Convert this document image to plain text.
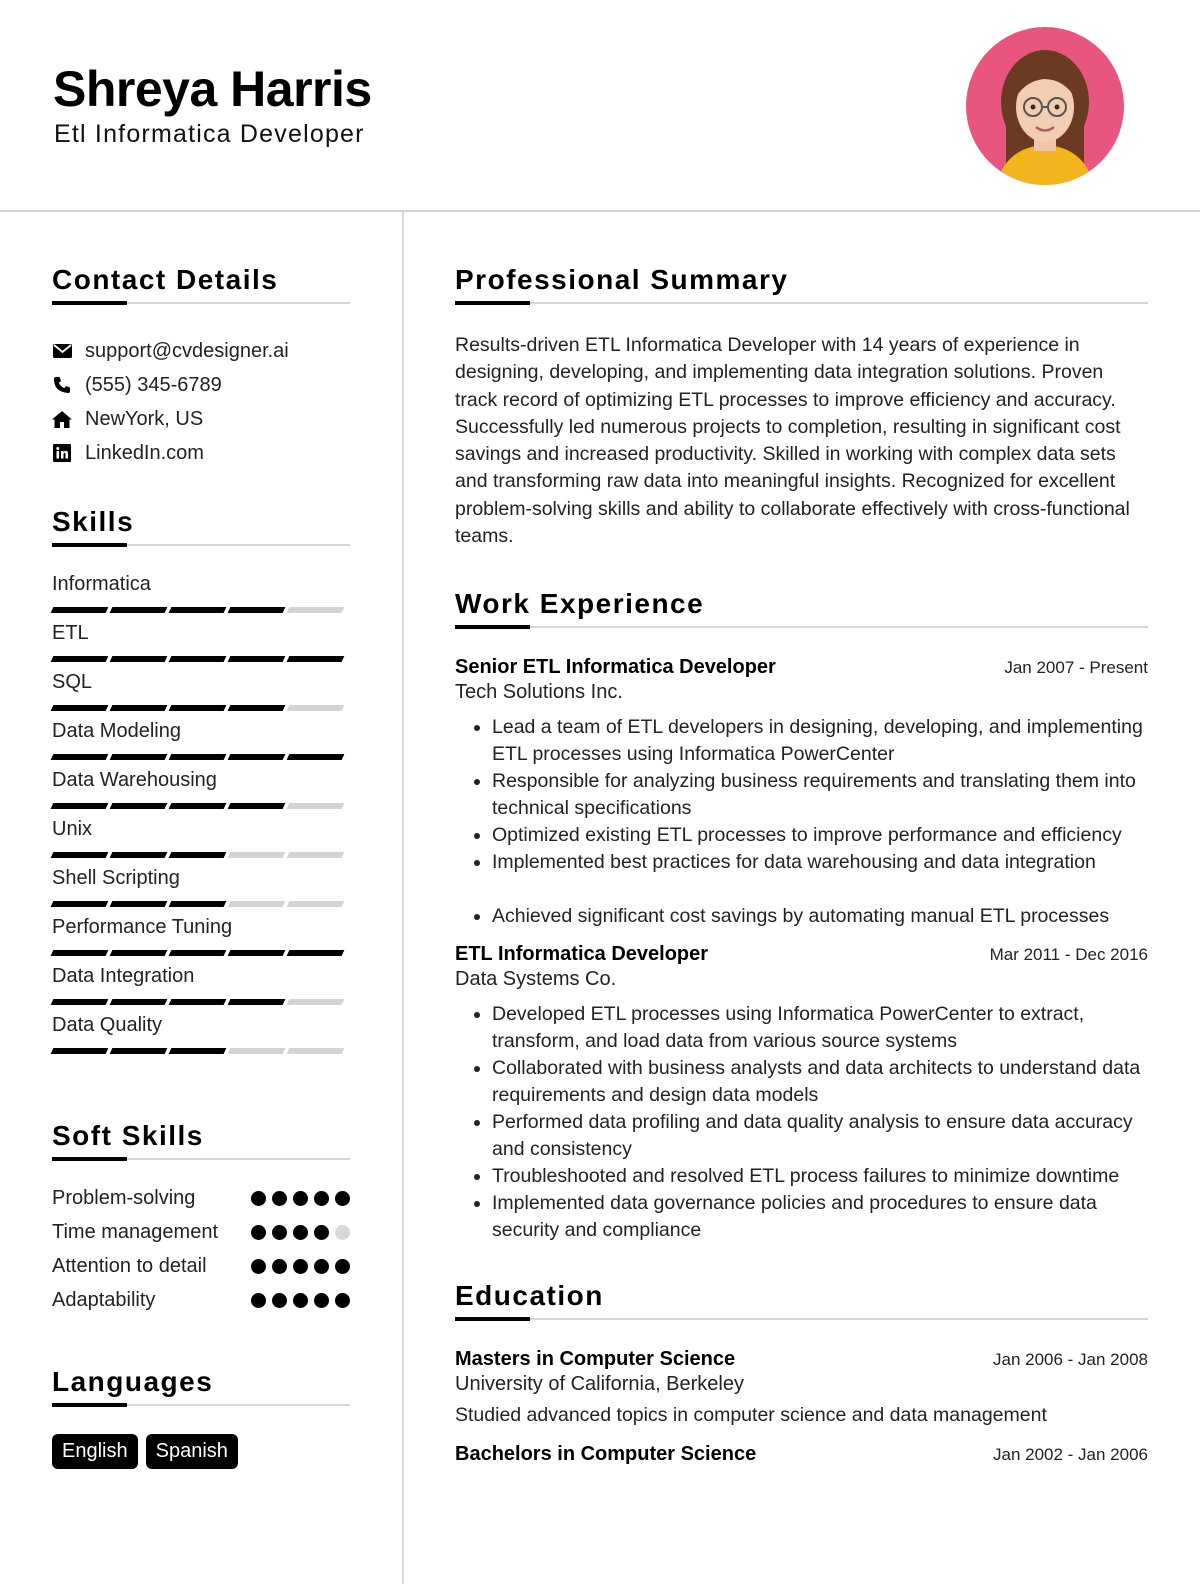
Shreya Harris
Etl Informatica Developer
Contact Details
support@cvdesigner.ai
(555) 345-6789
NewYork, US
LinkedIn.com
Skills
Informatica
ETL
SQL
Data Modeling
Data Warehousing
Unix
Shell Scripting
Performance Tuning
Data Integration
Data Quality
Soft Skills
Problem-solving
Time management
Attention to detail
Adaptability
Languages
English	Spanish
Professional Summary

Results-driven ETL Informatica Developer with 14 years of experience in designing, developing, and implementing data integration solutions. Proven track record of optimizing ETL processes to improve efficiency and accuracy. Successfully led numerous projects to completion, resulting in significant cost savings and increased productivity. Skilled in working with complex data sets and transforming raw data into meaningful insights. Recognized for excellent problem-solving skills and ability to collaborate effectively with cross-functional teams.

Work Experience
Senior ETL Informatica Developer	Jan 2007 - Present
Tech Solutions Inc.
• Lead a team of ETL developers in designing, developing, and implementing ETL processes using Informatica PowerCenter
• Responsible for analyzing business requirements and translating them into technical specifications
• Optimized existing ETL processes to improve performance and efficiency
• Implemented best practices for data warehousing and data integration
• Achieved significant cost savings by automating manual ETL processes
ETL Informatica Developer	Mar 2011 - Dec 2016
Data Systems Co.
• Developed ETL processes using Informatica PowerCenter to extract, transform, and load data from various source systems
• Collaborated with business analysts and data architects to understand data requirements and design data models
• Performed data profiling and data quality analysis to ensure data accuracy and consistency
• Troubleshooted and resolved ETL process failures to minimize downtime
• Implemented data governance policies and procedures to ensure data security and compliance
Education
Masters in Computer Science	Jan 2006 - Jan 2008
University of California, Berkeley
Studied advanced topics in computer science and data management
Bachelors in Computer Science	Jan 2002 - Jan 2006
